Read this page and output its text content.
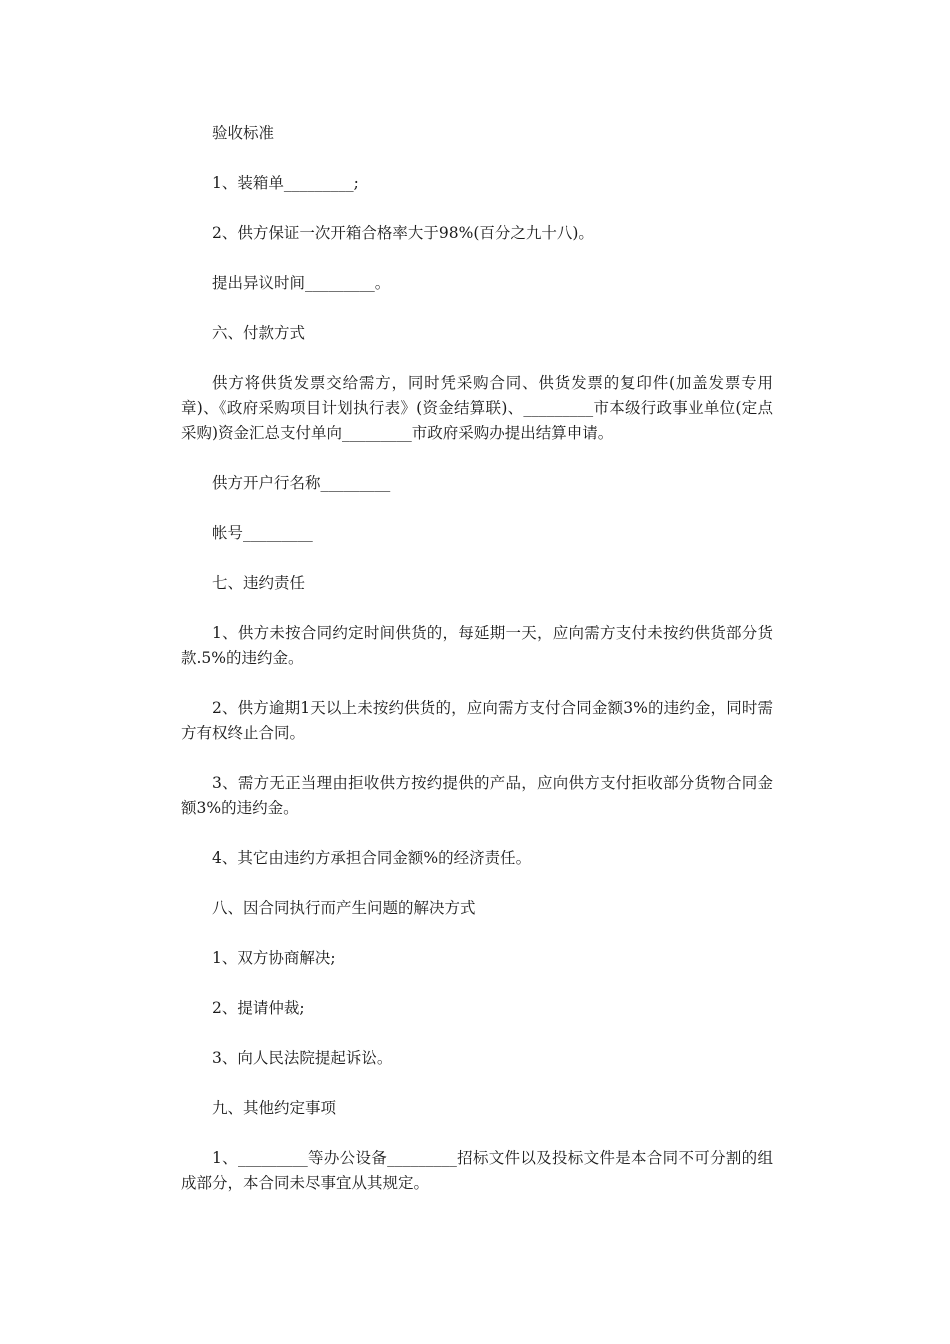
验收标准

1、装箱单_________;

2、供方保证一次开箱合格率大于98%(百分之九十八)。

提出异议时间_________。

六、付款方式

供方将供货发票交给需方，同时凭采购合同、供货发票的复印件(加盖发票专用章)、《政府采购项目计划执行表》(资金结算联)、_________市本级行政事业单位(定点采购)资金汇总支付单向_________市政府采购办提出结算申请。

供方开户行名称_________

帐号_________

七、违约责任

1、供方未按合同约定时间供货的，每延期一天，应向需方支付未按约供货部分货款.5%的违约金。

2、供方逾期1天以上未按约供货的，应向需方支付合同金额3%的违约金，同时需方有权终止合同。

3、需方无正当理由拒收供方按约提供的产品，应向供方支付拒收部分货物合同金额3%的违约金。

4、其它由违约方承担合同金额%的经济责任。

八、因合同执行而产生问题的解决方式

1、双方协商解决;

2、提请仲裁;

3、向人民法院提起诉讼。

九、其他约定事项

1、_________等办公设备_________招标文件以及投标文件是本合同不可分割的组成部分，本合同未尽事宜从其规定。
